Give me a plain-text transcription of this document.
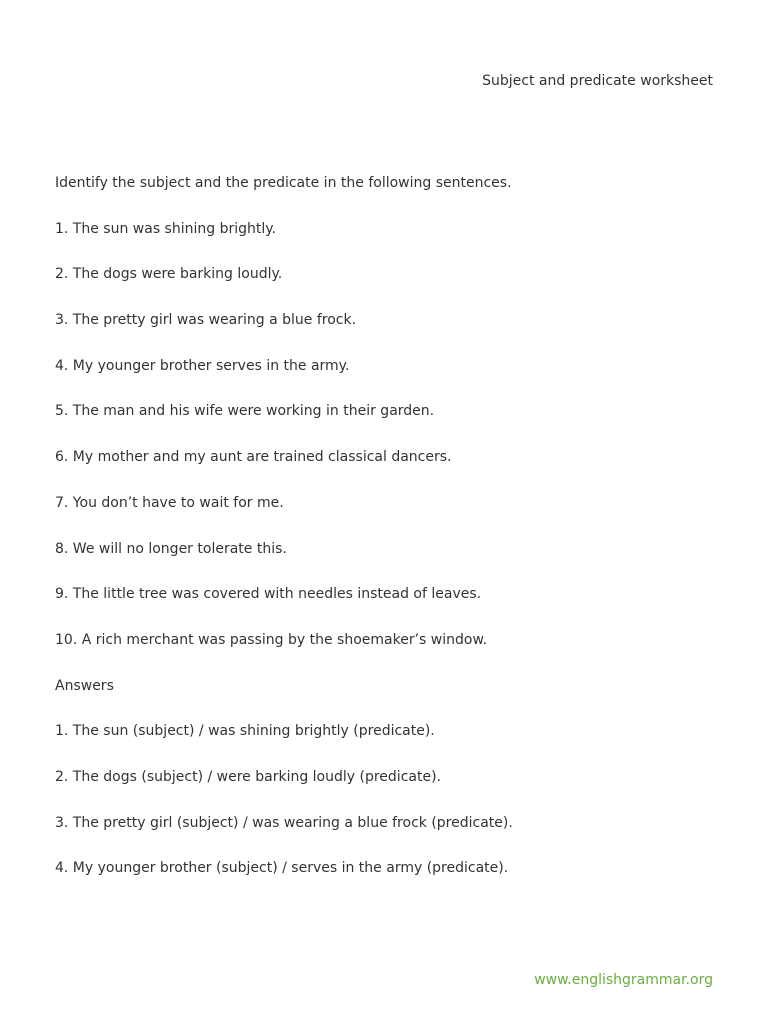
Subject and predicate worksheet
Identify the subject and the predicate in the following sentences.
1. The sun was shining brightly.
2. The dogs were barking loudly.
3. The pretty girl was wearing a blue frock.
4. My younger brother serves in the army.
5. The man and his wife were working in their garden.
6. My mother and my aunt are trained classical dancers.
7. You don’t have to wait for me.
8. We will no longer tolerate this.
9. The little tree was covered with needles instead of leaves.
10. A rich merchant was passing by the shoemaker’s window.
Answers
1. The sun (subject) / was shining brightly (predicate).
2. The dogs (subject) / were barking loudly (predicate).
3. The pretty girl (subject) / was wearing a blue frock (predicate).
4. My younger brother (subject) / serves in the army (predicate).
www.englishgrammar.org
